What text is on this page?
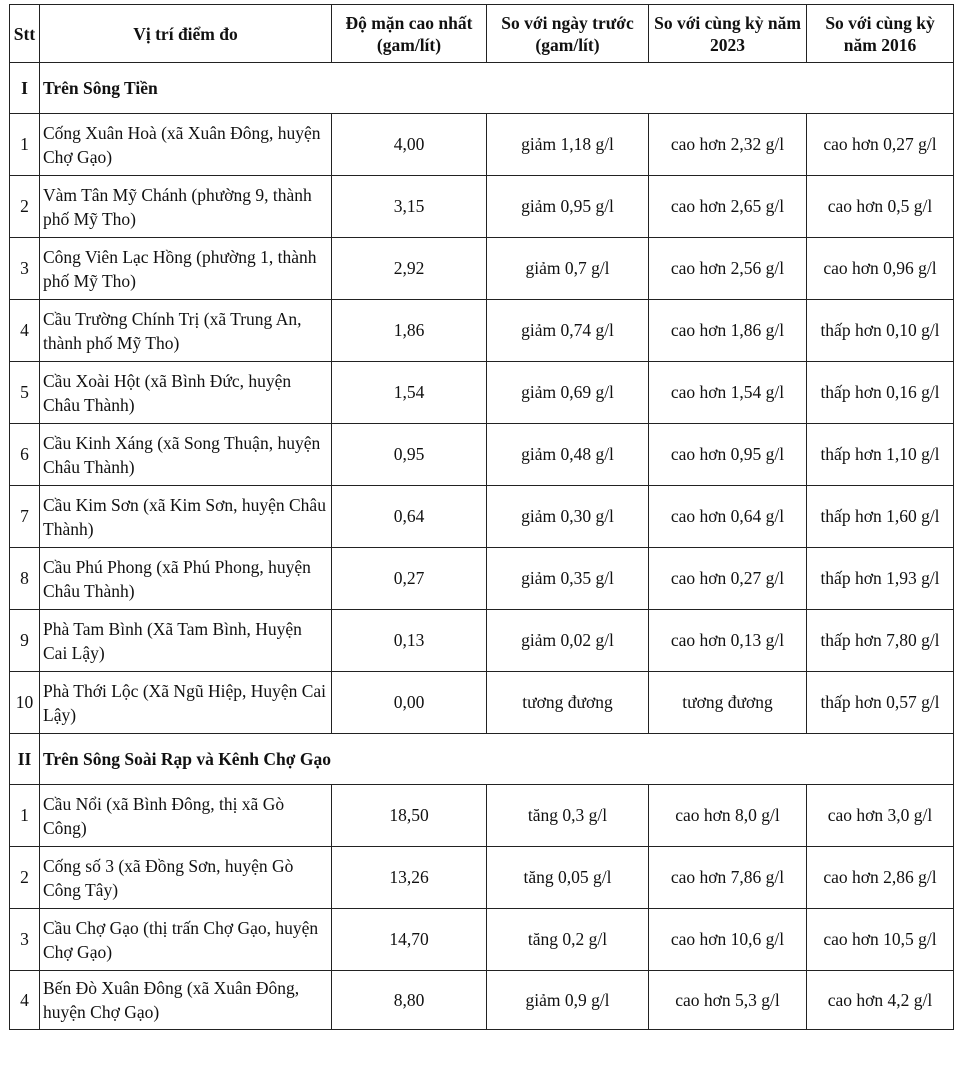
Stt	Vị trí điểm đo	Độ mặn cao nhất (gam/lít)	So với ngày trước (gam/lít)	So với cùng kỳ năm 2023	So với cùng kỳ năm 2016
I	Trên Sông Tiền				
1	Cống Xuân Hoà (xã Xuân Đông, huyện Chợ Gạo)	4,00	giảm 1,18 g/l	cao hơn 2,32 g/l	cao hơn 0,27 g/l
2	Vàm Tân Mỹ Chánh (phường 9, thành phố Mỹ Tho)	3,15	giảm 0,95 g/l	cao hơn 2,65 g/l	cao hơn 0,5 g/l
3	Công Viên Lạc Hồng (phường 1, thành phố Mỹ Tho)	2,92	giảm 0,7 g/l	cao hơn 2,56 g/l	cao hơn 0,96 g/l
4	Cầu Trường Chính Trị (xã Trung An, thành phố Mỹ Tho)	1,86	giảm 0,74 g/l	cao hơn 1,86 g/l	thấp hơn 0,10 g/l
5	Cầu Xoài Hột (xã Bình Đức, huyện Châu Thành)	1,54	giảm 0,69 g/l	cao hơn 1,54 g/l	thấp hơn 0,16 g/l
6	Cầu Kinh Xáng (xã Song Thuận, huyện Châu Thành)	0,95	giảm 0,48 g/l	cao hơn 0,95 g/l	thấp hơn 1,10 g/l
7	Cầu Kim Sơn (xã Kim Sơn, huyện Châu Thành)	0,64	giảm 0,30 g/l	cao hơn 0,64 g/l	thấp hơn 1,60 g/l
8	Cầu Phú Phong (xã Phú Phong, huyện Châu Thành)	0,27	giảm 0,35 g/l	cao hơn 0,27 g/l	thấp hơn 1,93 g/l
9	Phà Tam Bình (Xã Tam Bình, Huyện Cai Lậy)	0,13	giảm 0,02 g/l	cao hơn 0,13 g/l	thấp hơn 7,80 g/l
10	Phà Thới Lộc (Xã Ngũ Hiệp, Huyện Cai Lậy)	0,00	tương đương	tương đương	thấp hơn 0,57 g/l
II	Trên Sông Soài Rạp và Kênh Chợ Gạo				
1	Cầu Nổi (xã Bình Đông, thị xã Gò Công)	18,50	tăng 0,3 g/l	cao hơn 8,0 g/l	cao hơn 3,0 g/l
2	Cống số 3 (xã Đồng Sơn, huyện Gò Công Tây)	13,26	tăng 0,05 g/l	cao hơn 7,86 g/l	cao hơn 2,86 g/l
3	Cầu Chợ Gạo (thị trấn Chợ Gạo, huyện Chợ Gạo)	14,70	tăng 0,2 g/l	cao hơn 10,6 g/l	cao hơn 10,5 g/l
4	Bến Đò Xuân Đông (xã Xuân Đông, huyện Chợ Gạo)	8,80	giảm 0,9 g/l	cao hơn 5,3 g/l	cao hơn 4,2 g/l
